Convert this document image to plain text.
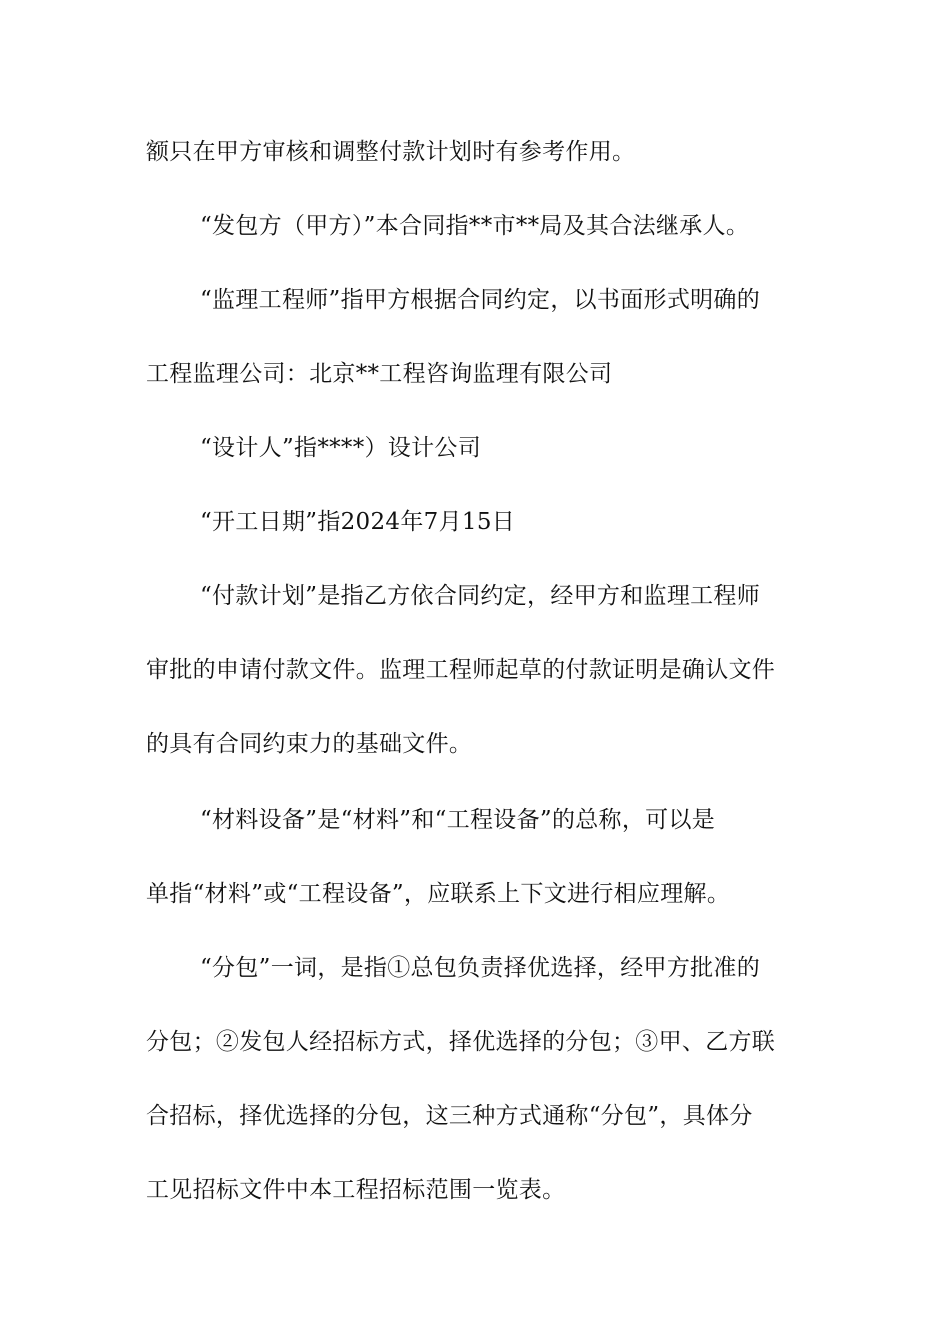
额只在甲方审核和调整付款计划时有参考作用。
“发包方（甲方）”本合同指**市**局及其合法继承人。
“监理工程师”指甲方根据合同约定，以书面形式明确的
工程监理公司：北京**工程咨询监理有限公司
“设计人”指****）设计公司
“开工日期”指2024年7月15日
“付款计划”是指乙方依合同约定，经甲方和监理工程师
审批的申请付款文件。监理工程师起草的付款证明是确认文件
的具有合同约束力的基础文件。
“材料设备”是“材料”和“工程设备”的总称，可以是
单指“材料”或“工程设备”，应联系上下文进行相应理解。
“分包”一词，是指①总包负责择优选择，经甲方批准的
分包；②发包人经招标方式，择优选择的分包；③甲、乙方联
合招标，择优选择的分包，这三种方式通称“分包”，具体分
工见招标文件中本工程招标范围一览表。
